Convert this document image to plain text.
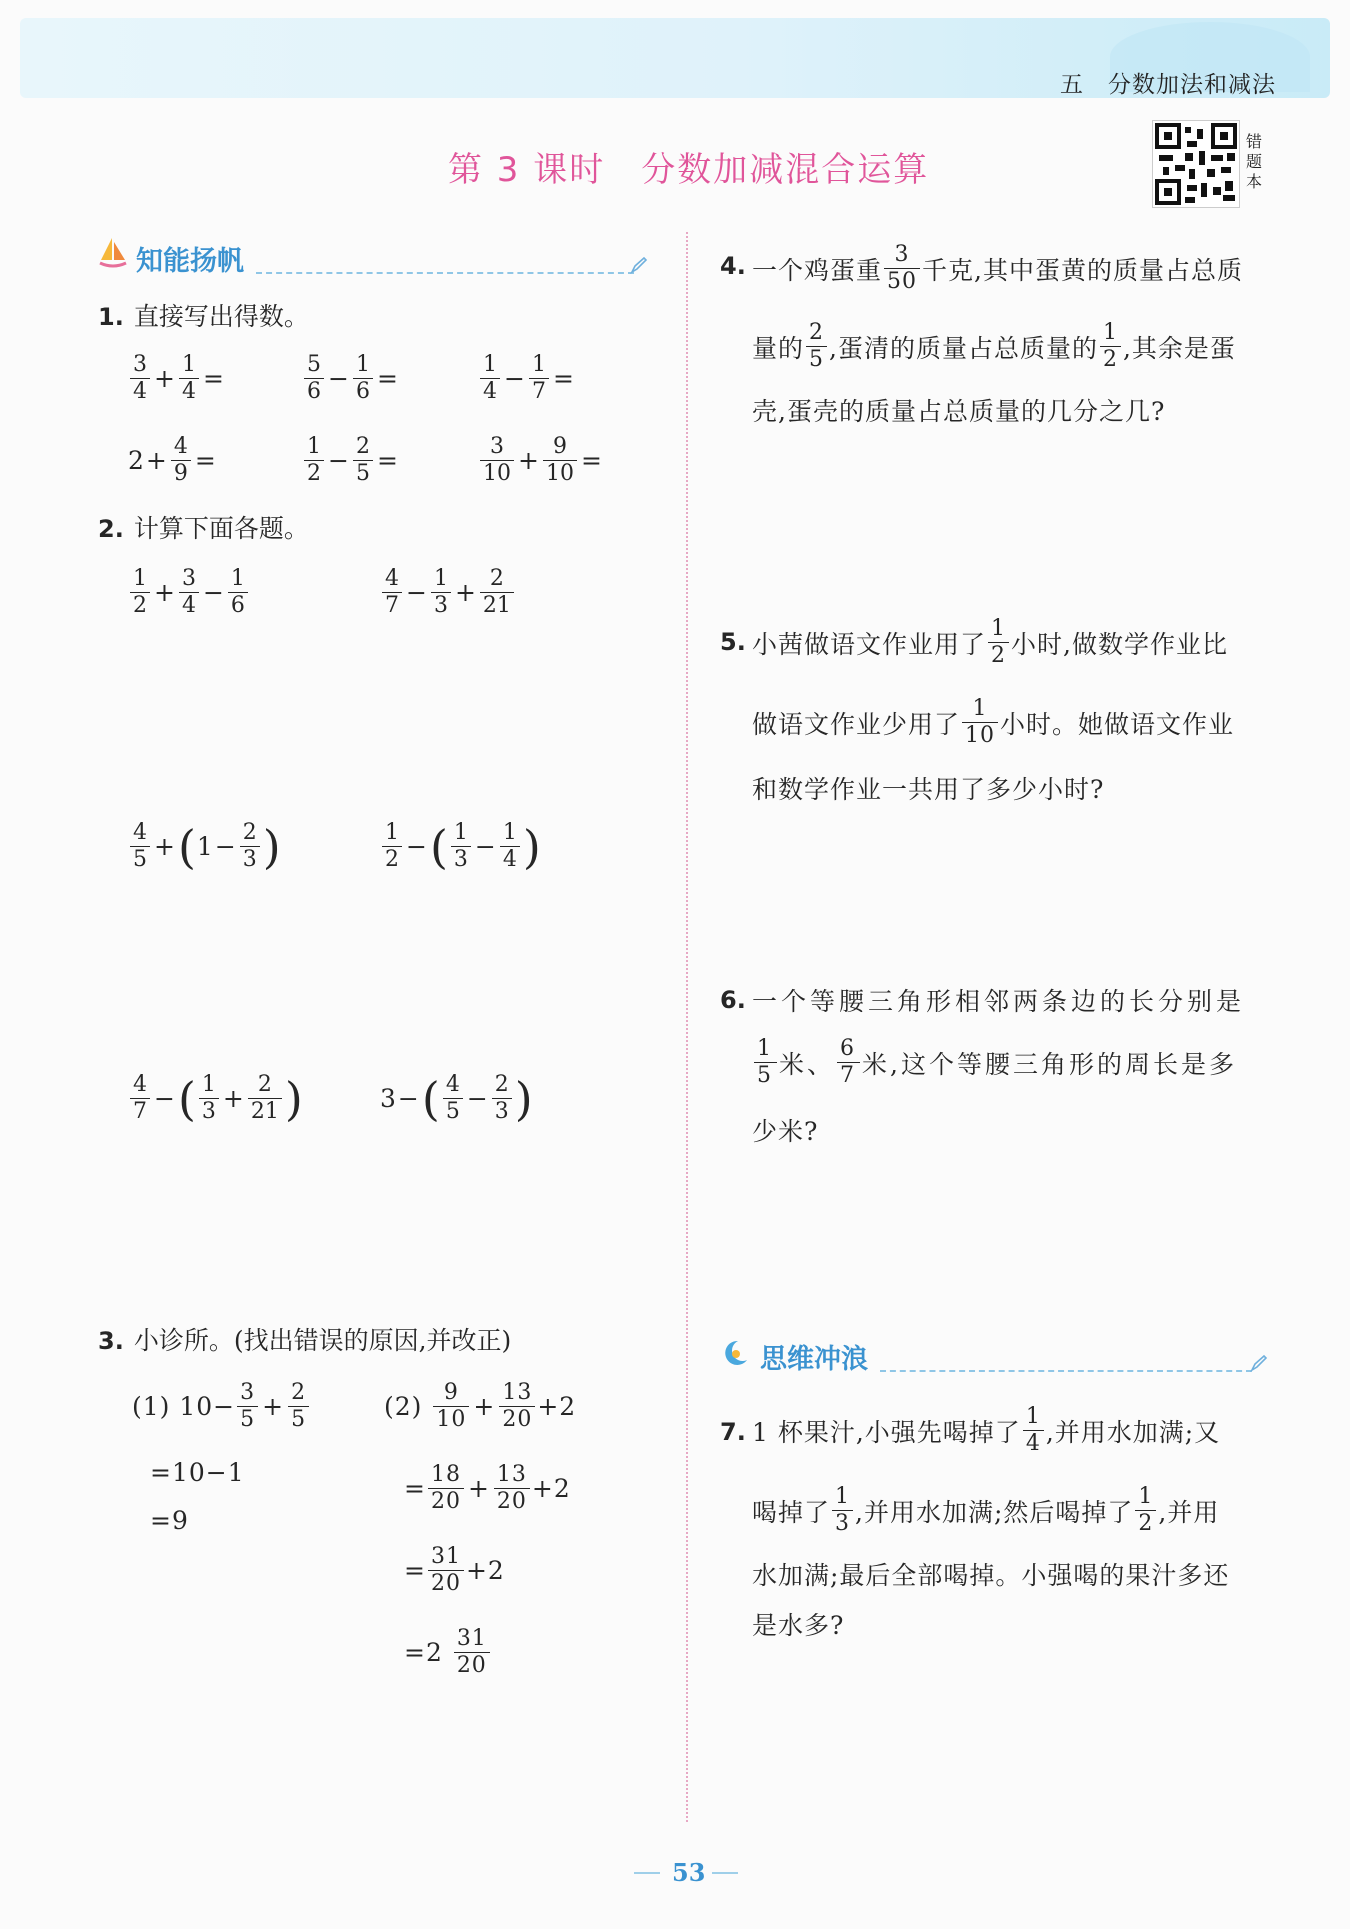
五　分数加法和减法
第 3 课时　分数加减混合运算
错
题
本
知能扬帆
1. 直接写出得数。
$\frac{3}{4} + \frac{1}{4}$ =	$\frac{5}{6} - \frac{1}{6}$ =	$\frac{1}{4} - \frac{1}{7}$ =
$2 + \frac{4}{9}$ =	$\frac{1}{2} - \frac{2}{5}$ =	$\frac{3}{10} + \frac{9}{10}$ =
2. 计算下面各题。
$\frac{1}{2} + \frac{3}{4} - \frac{1}{6}$	$\frac{4}{7} - \frac{1}{3} + \frac{2}{21}$
$\frac{4}{5}$ + ( $1 - \frac{2}{3}$ )	$\frac{1}{2}$ − ( $\frac{1}{3} - \frac{1}{4}$ )
$\frac{4}{7}$ − ( $\frac{1}{3} + \frac{2}{21}$ )	3 − ( $\frac{4}{5} - \frac{2}{3}$ )
3. 小诊所。(找出错误的原因,并改正)
(1)
$10- \frac{3}{5} + \frac{2}{5}$
=10−1
=9
(2)
$\frac{9}{10} + \frac{13}{20} +2$
= $\frac{18}{20} + \frac{13}{20} +2$
= $\frac{31}{20} +2$
=2
$\frac{31}{20}$
4. 一个鸡蛋重 $\frac{3}{50}$ 千克,其中蛋黄的质量占总质
量的 $\frac{2}{5}$ ,蛋清的质量占总质量的 $\frac{1}{2}$ ,其余是蛋
壳,蛋壳的质量占总质量的几分之几?
5. 小茜做语文作业用了 $\frac{1}{2}$ 小时,做数学作业比
做语文作业少用了 $\frac{1}{10}$ 小时。她做语文作业
和数学作业一共用了多少小时?
6. 一个等腰三角形相邻两条边的长分别是
$\frac{1}{5}$ 米、 $\frac{6}{7}$ 米,这个等腰三角形的周长是多
少米?
思维冲浪
7. 1 杯果汁,小强先喝掉了 $\frac{1}{4}$ ,并用水加满;又
喝掉了 $\frac{1}{3}$ ,并用水加满;然后喝掉了 $\frac{1}{2}$ ,并用
水加满;最后全部喝掉。小强喝的果汁多还
是水多?
53
